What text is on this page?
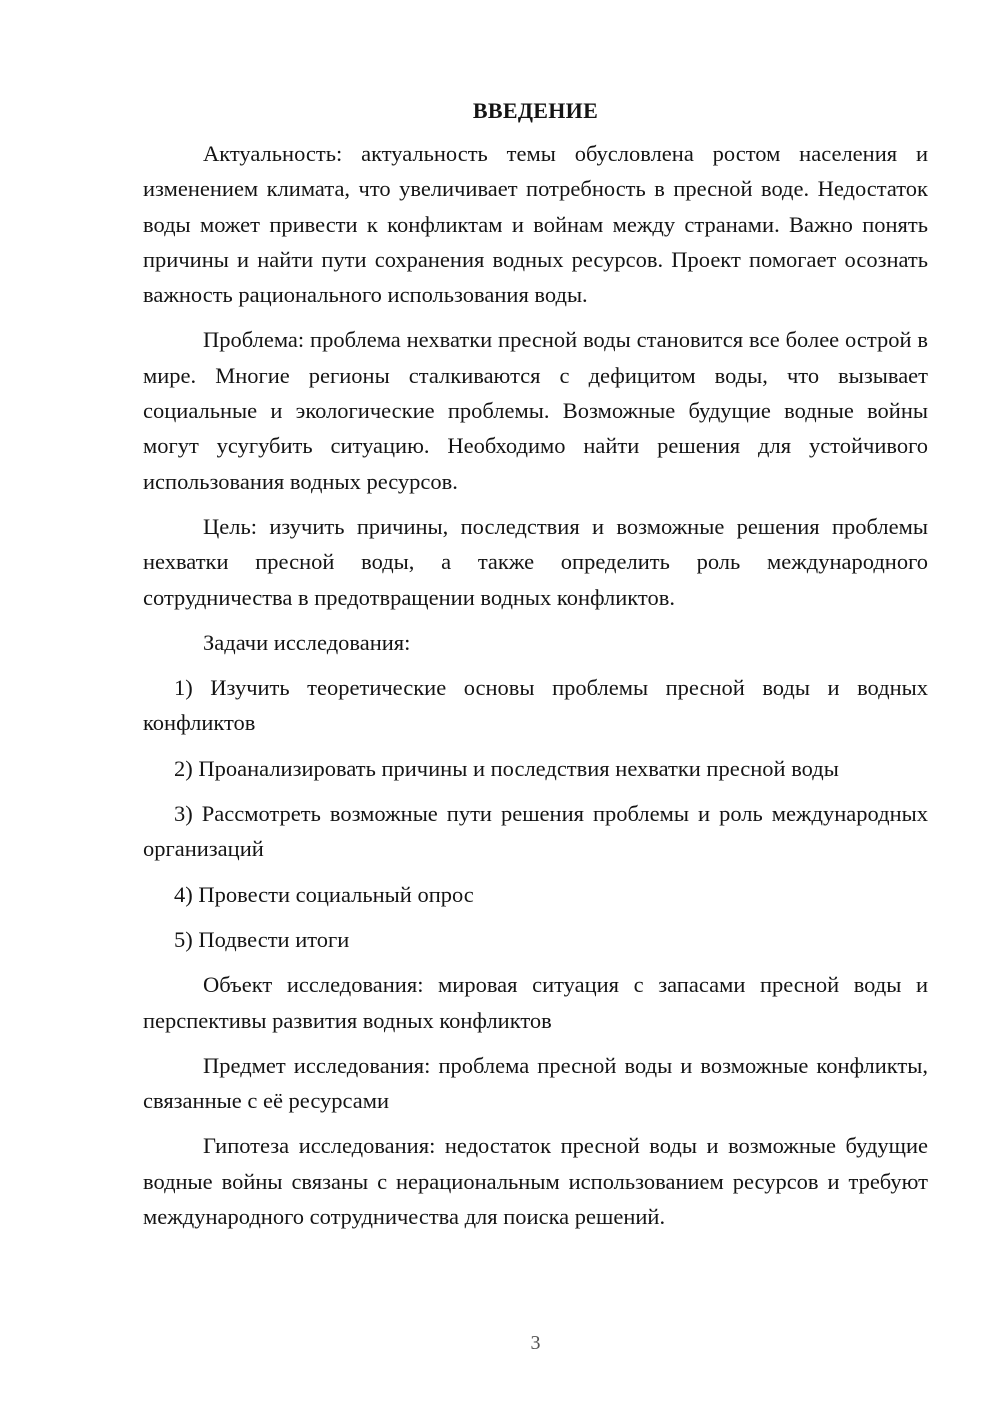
ВВЕДЕНИЕ

Актуальность: актуальность темы обусловлена ростом населения и изменением климата, что увеличивает потребность в пресной воде. Недостаток воды может привести к конфликтам и войнам между странами. Важно понять причины и найти пути сохранения водных ресурсов. Проект помогает осознать важность рационального использования воды.

Проблема: проблема нехватки пресной воды становится все более острой в мире. Многие регионы сталкиваются с дефицитом воды, что вызывает социальные и экологические проблемы. Возможные будущие водные войны могут усугубить ситуацию. Необходимо найти решения для устойчивого использования водных ресурсов.

Цель: изучить причины, последствия и возможные решения проблемы нехватки пресной воды, а также определить роль международного сотрудничества в предотвращении водных конфликтов.

Задачи исследования:

1) Изучить теоретические основы проблемы пресной воды и водных конфликтов

2) Проанализировать причины и последствия нехватки пресной воды

3) Рассмотреть возможные пути решения проблемы и роль международных организаций

4) Провести социальный опрос

5) Подвести итоги

Объект исследования: мировая ситуация с запасами пресной воды и перспективы развития водных конфликтов

Предмет исследования: проблема пресной воды и возможные конфликты, связанные с её ресурсами

Гипотеза исследования: недостаток пресной воды и возможные будущие водные войны связаны с нерациональным использованием ресурсов и требуют международного сотрудничества для поиска решений.

3
